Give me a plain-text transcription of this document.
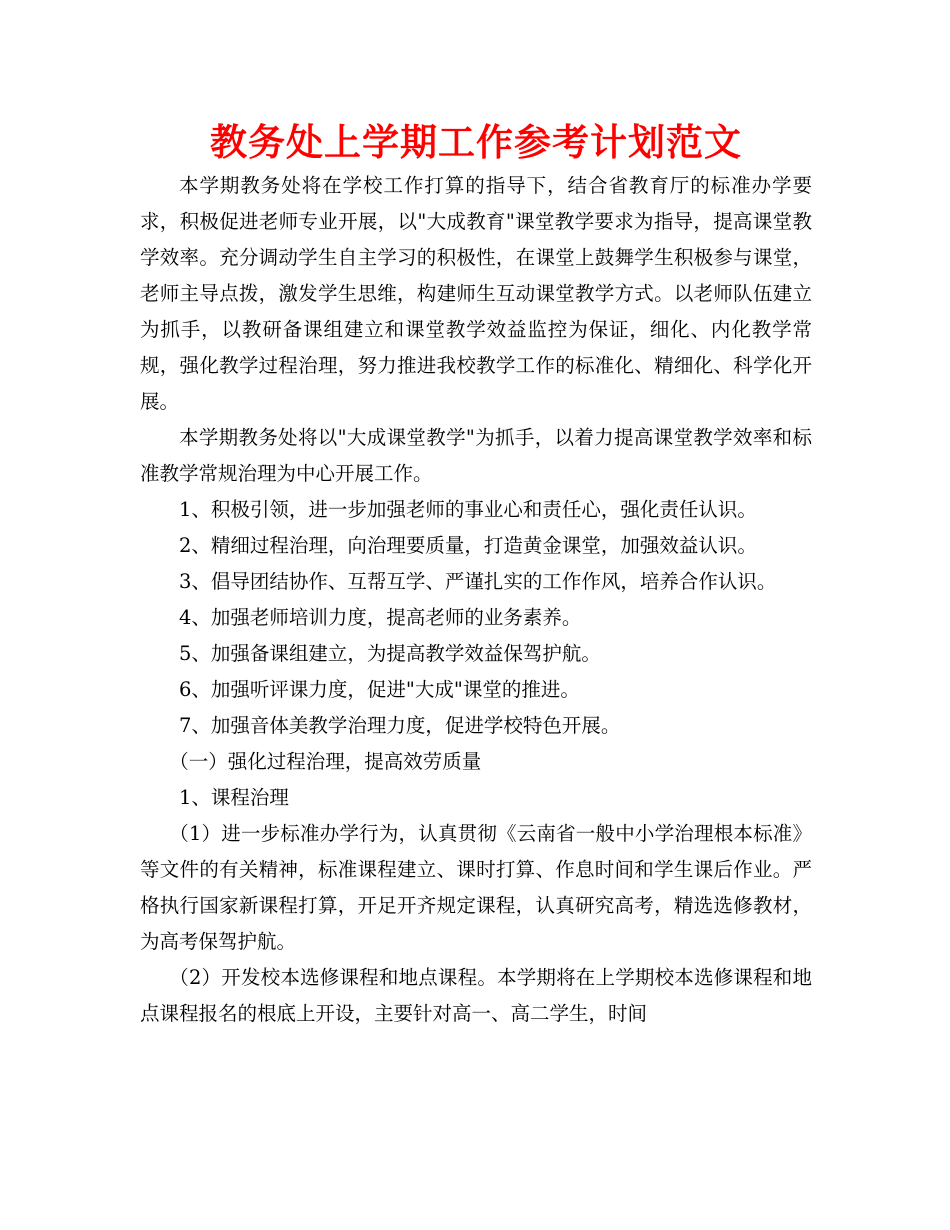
教务处上学期工作参考计划范文

本学期教务处将在学校工作打算的指导下，结合省教育厅的标准办学要求，积极促进老师专业开展，以"大成教育"课堂教学要求为指导，提高课堂教学效率。充分调动学生自主学习的积极性，在课堂上鼓舞学生积极参与课堂，老师主导点拨，激发学生思维，构建师生互动课堂教学方式。以老师队伍建立为抓手，以教研备课组建立和课堂教学效益监控为保证，细化、内化教学常规，强化教学过程治理，努力推进我校教学工作的标准化、精细化、科学化开展。

本学期教务处将以"大成课堂教学"为抓手，以着力提高课堂教学效率和标准教学常规治理为中心开展工作。

1、积极引领，进一步加强老师的事业心和责任心，强化责任认识。

2、精细过程治理，向治理要质量，打造黄金课堂，加强效益认识。

3、倡导团结协作、互帮互学、严谨扎实的工作作风，培养合作认识。

4、加强老师培训力度，提高老师的业务素养。

5、加强备课组建立，为提高教学效益保驾护航。

6、加强听评课力度，促进"大成"课堂的推进。

7、加强音体美教学治理力度，促进学校特色开展。

（一）强化过程治理，提高效劳质量

1、课程治理

（1）进一步标准办学行为，认真贯彻《云南省一般中小学治理根本标准》等文件的有关精神，标准课程建立、课时打算、作息时间和学生课后作业。严格执行国家新课程打算，开足开齐规定课程，认真研究高考，精选选修教材，为高考保驾护航。

（2）开发校本选修课程和地点课程。本学期将在上学期校本选修课程和地点课程报名的根底上开设，主要针对高一、高二学生，时间
